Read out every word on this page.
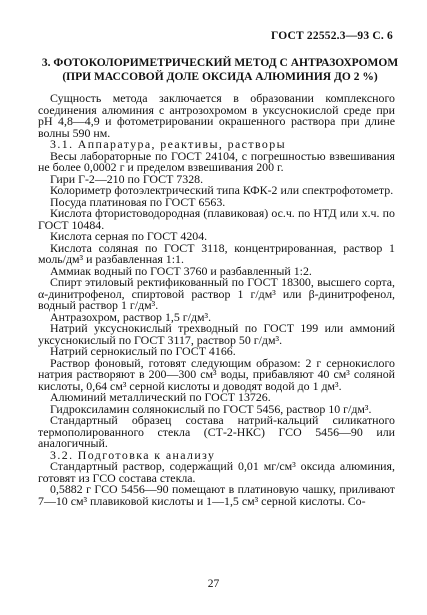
ГОСТ 22552.3—93 С. 6
3. ФОТОКОЛОРИМЕТРИЧЕСКИЙ МЕТОД С АНТРАЗОХРОМОМ (ПРИ МАССОВОЙ ДОЛЕ ОКСИДА АЛЮМИНИЯ ДО 2 %)

Сущность метода заключается в образовании комплексного соединения алюминия с антрозохромом в уксуснокислой среде при pH 4,8—4,9 и фотометрировании окрашенного раствора при длине волны 590 нм.

3.1. Аппаратура, реактивы, растворы

Весы лабораторные по ГОСТ 24104, с погрешностью взвешивания не более 0,0002 г и пределом взвешивания 200 г.

Гири Г-2—210 по ГОСТ 7328.

Колориметр фотоэлектрический типа КФК-2 или спектрофотометр.

Посуда платиновая по ГОСТ 6563.

Кислота фтористоводородная (плавиковая) ос.ч. по НТД или х.ч. по ГОСТ 10484.

Кислота серная по ГОСТ 4204.

Кислота соляная по ГОСТ 3118, концентрированная, раствор 1 моль/дм³ и разбавленная 1:1.

Аммиак водный по ГОСТ 3760 и разбавленный 1:2.

Спирт этиловый ректификованный по ГОСТ 18300, высшего сорта, α-динитрофенол, спиртовой раствор 1 г/дм³ или β-динитрофенол, водный раствор 1 г/дм³.

Антразохром, раствор 1,5 г/дм³.

Натрий уксуснокислый трехводный по ГОСТ 199 или аммоний уксуснокислый по ГОСТ 3117, раствор 50 г/дм³.

Натрий сернокислый по ГОСТ 4166.

Раствор фоновый, готовят следующим образом: 2 г сернокислого натрия растворяют в 200—300 см³ воды, прибавляют 40 см³ соляной кислоты, 0,64 см³ серной кислоты и доводят водой до 1 дм³.

Алюминий металлический по ГОСТ 13726.

Гидроксиламин солянокислый по ГОСТ 5456, раствор 10 г/дм³.

Стандартный образец состава натрий-кальций силикатного термополированного стекла (СТ-2-НКС) ГСО 5456—90 или аналогичный.

3.2. Подготовка к анализу

Стандартный раствор, содержащий 0,01 мг/см³ оксида алюминия, готовят из ГСО состава стекла.

0,5882 г ГСО 5456—90 помещают в платиновую чашку, приливают 7—10 см³ плавиковой кислоты и 1—1,5 см³ серной кислоты. Со-

27
